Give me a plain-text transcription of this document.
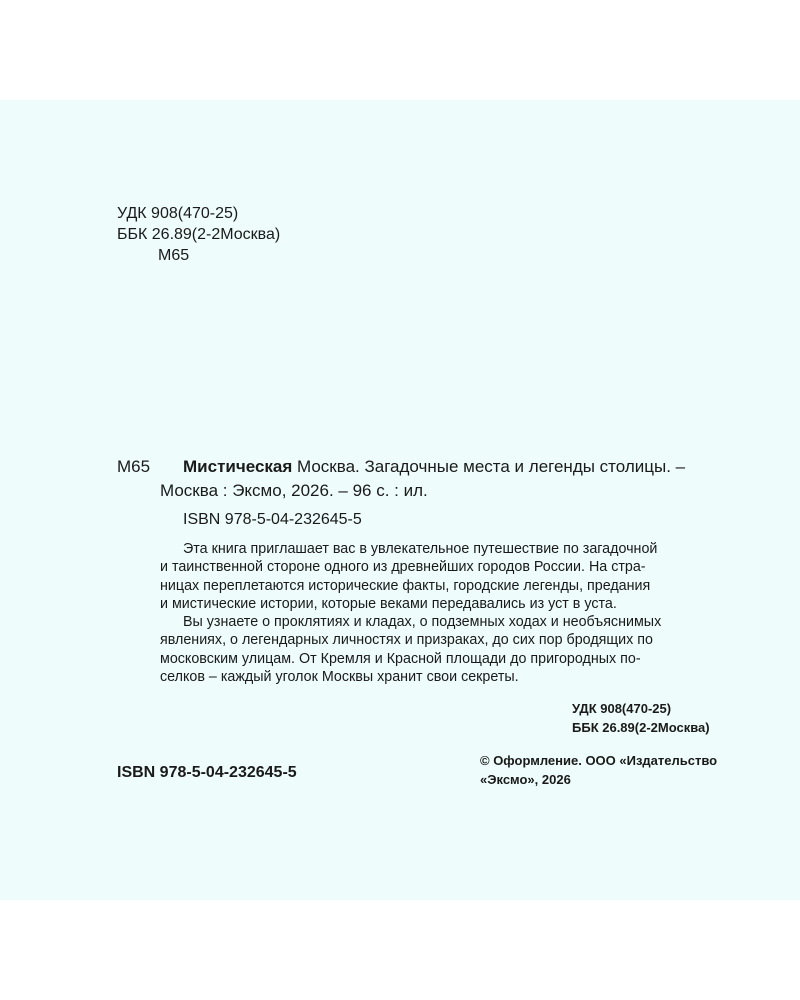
УДК 908(470-25)
ББК 26.89(2-2Москва)
М65
М65 Мистическая Москва. Загадочные места и легенды столицы. –
Москва : Эксмо, 2026. – 96 с. : ил.
ISBN 978-5-04-232645-5
Эта книга приглашает вас в увлекательное путешествие по загадочной
и таинственной стороне одного из древнейших городов России. На стра-
ницах переплетаются исторические факты, городские легенды, предания
и мистические истории, которые веками передавались из уст в уста.
Вы узнаете о проклятиях и кладах, о подземных ходах и необъяснимых
явлениях, о легендарных личностях и призраках, до сих пор бродящих по
московским улицам. От Кремля и Красной площади до пригородных по-
селков – каждый уголок Москвы хранит свои секреты.
УДК 908(470-25)
ББК 26.89(2-2Москва)
ISBN 978-5-04-232645-5
© Оформление. ООО «Издательство
«Эксмо», 2026
